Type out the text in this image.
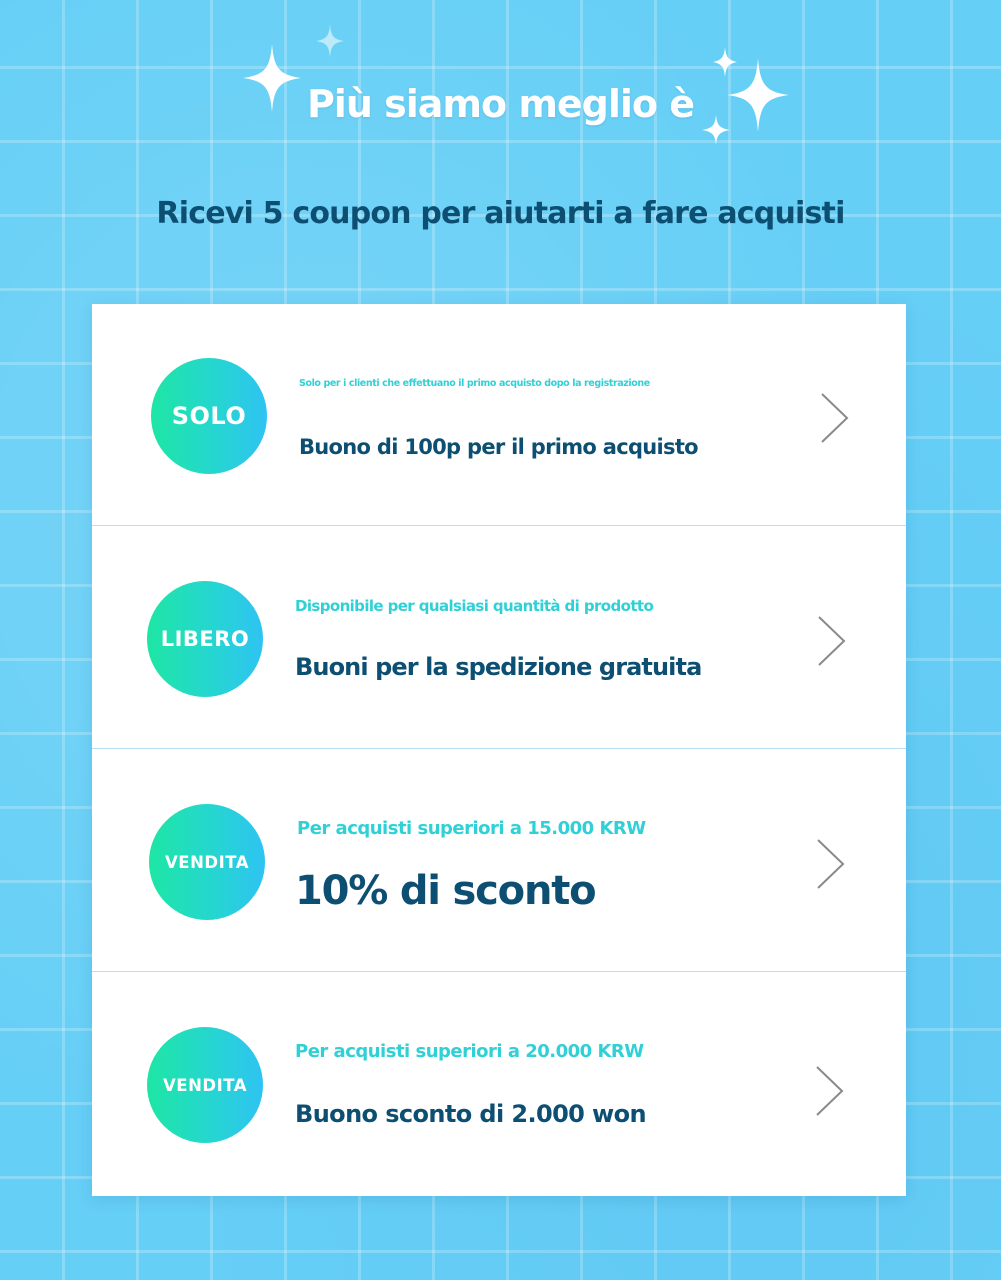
Più siamo meglio è
Ricevi 5 coupon per aiutarti a fare acquisti
SOLO
Solo per i clienti che effettuano il primo acquisto dopo la registrazione
Buono di 100p per il primo acquisto
LIBERO
Disponibile per qualsiasi quantità di prodotto
Buoni per la spedizione gratuita
VENDITA
Per acquisti superiori a 15.000 KRW
10% di sconto
VENDITA
Per acquisti superiori a 20.000 KRW
Buono sconto di 2.000 won
